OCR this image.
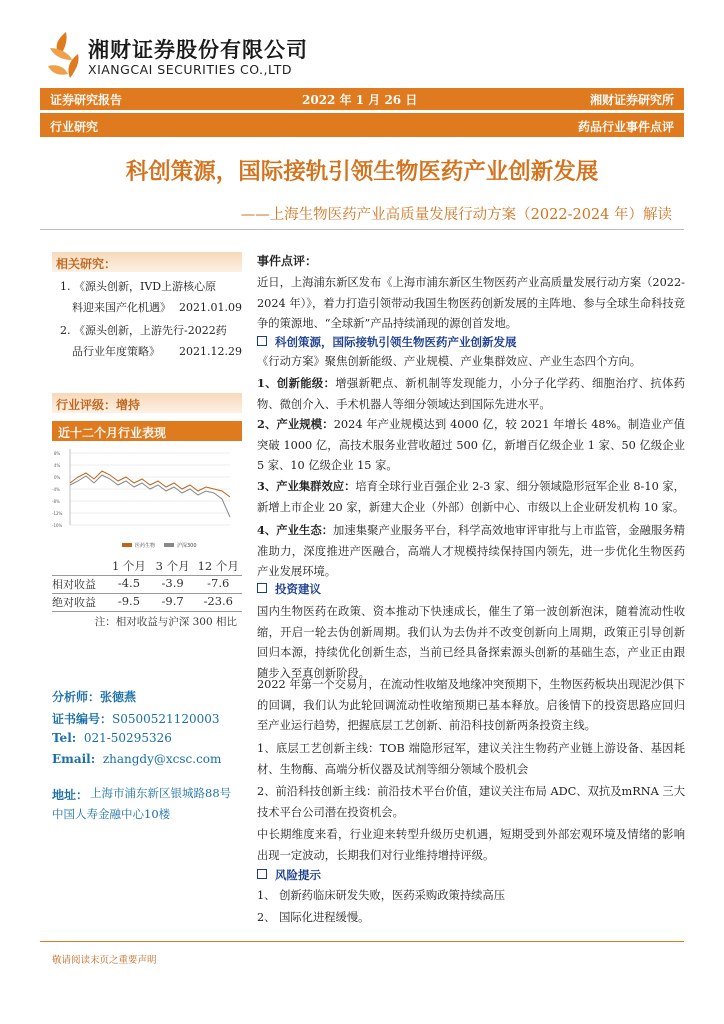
湘财证券股份有限公司
XIANGCAI SECURITIES CO.,LTD
证券研究报告	2022 年 1 月 26 日	湘财证券研究所
行业研究	药品行业事件点评
科创策源，国际接轨引领生物医药产业创新发展
——上海生物医药产业高质量发展行动方案（2022-2024 年）解读
相关研究：
1. 《源头创新，IVD上游核心原
料迎来国产化机遇》 2021.01.09
2. 《源头创新，上游先行-2022药
品行业年度策略》 2021.12.29
行业评级：增持
近十二个月行业表现
8%
4%
0%
-4%
-8%
-12%
-16%
医药生物	沪深300
1 个月 3 个月 12 个月
相对收益	-4.5	-3.9	-7.6
绝对收益	-9.5	-9.7	-23.6
注：相对收益与沪深 300 相比
分析师：张徳燕
证书编号：S0500521120003
Tel: 021-50295326
Email: zhangdy@xcsc.com
地址： 上海市浦东新区银城路88号
中国人寿金融中心10楼
事件点评：
近日，上海浦东新区发布《上海市浦东新区生物医药产业高质量发展行动方案（2022-2024 年）》，着力打造引领带动我国生物医药创新发展的主阵地、参与全球生命科技竞争的策源地、“全球新”产品持续涌现的源创首发地。
科创策源，国际接轨引领生物医药产业创新发展
《行动方案》聚焦创新能级、产业规模、产业集群效应、产业生态四个方向。
1、创新能级：增强新靶点、新机制等发现能力，小分子化学药、细胞治疗、抗体药物、微创介入、手术机器人等细分领域达到国际先进水平。
2、产业规模：2024 年产业规模达到 4000 亿，较 2021 年增长 48%。制造业产值突破 1000 亿，高技术服务业营收超过 500 亿，新增百亿级企业 1 家、50 亿级企业 5 家、10 亿级企业 15 家。
3、产业集群效应：培育全球行业百强企业 2-3 家、细分领域隐形冠军企业 8-10 家，新增上市企业 20 家，新建大企业（外部）创新中心、市级以上企业研发机构 10 家。
4、产业生态：加速集聚产业服务平台，科学高效地审评审批与上市监管，金融服务精准助力，深度推进产医融合，高端人才规模持续保持国内领先，进一步优化生物医药产业发展环境。
投资建议
国内生物医药在政策、资本推动下快速成长，催生了第一波创新泡沫，随着流动性收缩，开启一轮去伪创新周期。我们认为去伪并不改变创新向上周期，政策正引导创新回归本源，持续优化创新生态，当前已经具备探索源头创新的基础生态，产业正由跟随步入至真创新阶段。
2022 年第一个交易月，在流动性收缩及地缘冲突预期下，生物医药板块出现泥沙俱下的回调，我们认为此轮回调流动性收缩预期已基本释放。启後情下的投资思路应回归至产业运行趋势，把握底层工艺创新、前沿科技创新两条投资主线。
1、底层工艺创新主线：TOB 端隐形冠军，建议关注生物药产业链上游设备、基因耗材、生物酶、高端分析仪器及试剂等细分领域个股机会
2、前沿科技创新主线：前沿技术平台价值，建议关注布局 ADC、双抗及mRNA 三大技术平台公司潜在投资机会。
中长期维度来看，行业迎来转型升级历史机遇，短期受到外部宏观环境及情绪的影响出现一定波动，长期我们对行业维持增持评级。
风险提示
1、 创新药临床研发失败，医药采购政策持续高压
2、 国际化进程缓慢。
敬请阅读末页之重要声明
